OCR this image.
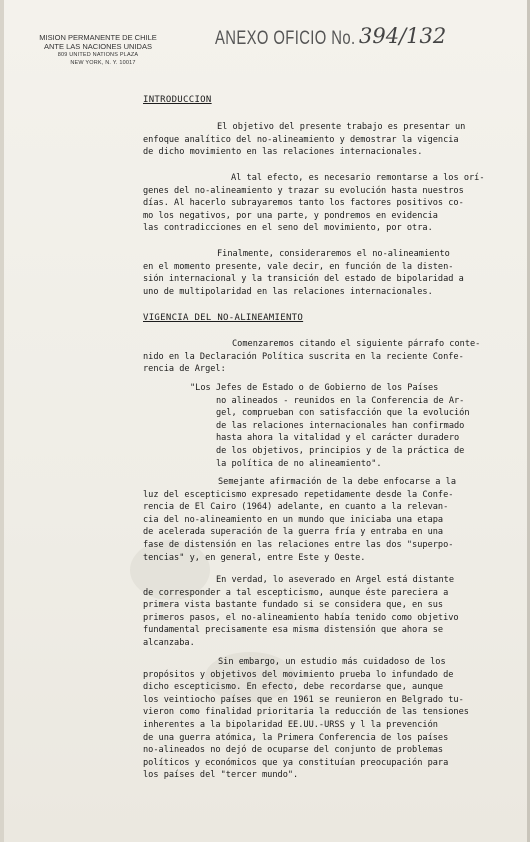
MISION PERMANENTE DE CHILE
ANTE LAS NACIONES UNIDAS
809 UNITED NATIONS PLAZA
NEW YORK, N. Y. 10017
ANEXO OFICIO No. 394/132
INTRODUCCION
El objetivo del presente trabajo es presentar un
enfoque analítico del no-alineamiento y demostrar la vigencia
de dicho movimiento en las relaciones internacionales.
Al tal efecto, es necesario remontarse a los orí-
genes del no-alineamiento y trazar su evolución hasta nuestros
días. Al hacerlo subrayaremos tanto los factores positivos co-
mo los negativos, por una parte, y pondremos en evidencia
las contradicciones en el seno del movimiento, por otra.
Finalmente, consideraremos el no-alineamiento
en el momento presente, vale decir, en función de la disten-
sión internacional y la transición del estado de bipolaridad a
uno de multipolaridad en las relaciones internacionales.
VIGENCIA DEL NO-ALINEAMIENTO
Comenzaremos citando el siguiente párrafo conte-
nido en la Declaración Política suscrita en la reciente Confe-
rencia de Argel:
"Los Jefes de Estado o de Gobierno de los Países
no alineados - reunidos en la Conferencia de Ar-
gel, comprueban con satisfacción que la evolución
de las relaciones internacionales han confirmado
hasta ahora la vitalidad y el carácter duradero
de los objetivos, principios y de la práctica de
la política de no alineamiento".
Semejante afirmación de la debe enfocarse a la
luz del escepticismo expresado repetidamente desde la Confe-
rencia de El Cairo (1964) adelante, en cuanto a la relevan-
cia del no-alineamiento en un mundo que iniciaba una etapa
de acelerada superación de la guerra fría y entraba en una
fase de distensión en las relaciones entre las dos "superpo-
tencias" y, en general, entre Este y Oeste.
En verdad, lo aseverado en Argel está distante
de corresponder a tal escepticismo, aunque éste pareciera a
primera vista bastante fundado si se considera que, en sus
primeros pasos, el no-alineamiento había tenido como objetivo
fundamental precisamente esa misma distensión que ahora se
alcanzaba.
Sin embargo, un estudio más cuidadoso de los
propósitos y objetivos del movimiento prueba lo infundado de
dicho escepticismo. En efecto, debe recordarse que, aunque
los veintiocho países que en 1961 se reunieron en Belgrado tu-
vieron como finalidad prioritaria la reducción de las tensiones
inherentes a la bipolaridad EE.UU.-URSS y l la prevención
de una guerra atómica, la Primera Conferencia de los países
no-alineados no dejó de ocuparse del conjunto de problemas
políticos y económicos que ya constituían preocupación para
los países del "tercer mundo".
